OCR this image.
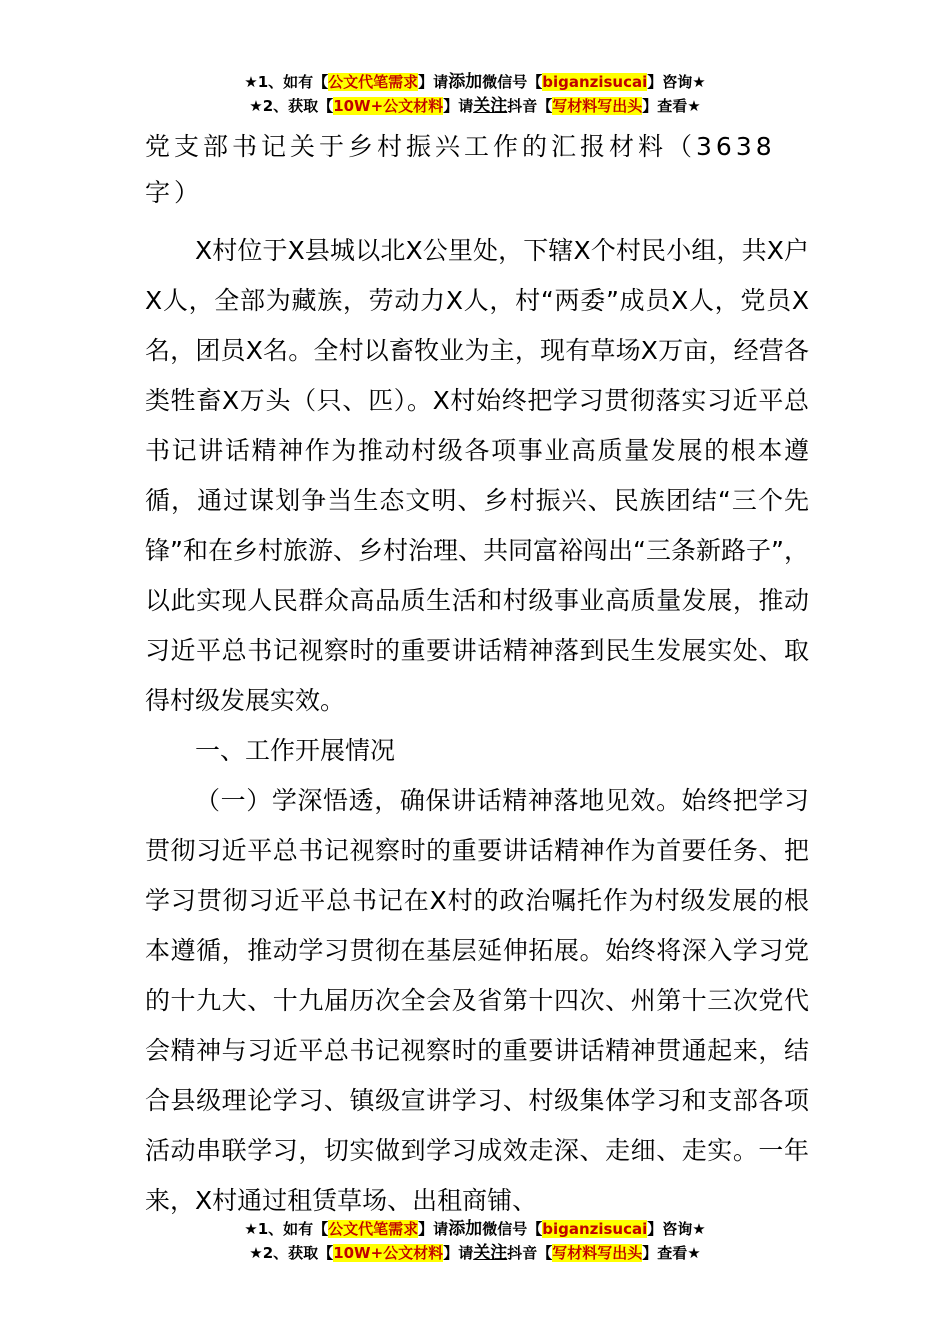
★1、如有【公文代笔需求】请添加微信号【biganzisucai】咨询★
★2、获取【10W+公文材料】请关注抖音【写材料写出头】查看★

党支部书记关于乡村振兴工作的汇报材料（3638字）

X村位于X县城以北X公里处，下辖X个村民小组，共X户X人，全部为藏族，劳动力X人，村“两委”成员X人，党员X名，团员X名。全村以畜牧业为主，现有草场X万亩，经营各类牲畜X万头（只、匹）。X村始终把学习贯彻落实习近平总书记讲话精神作为推动村级各项事业高质量发展的根本遵循，通过谋划争当生态文明、乡村振兴、民族团结“三个先锋”和在乡村旅游、乡村治理、共同富裕闯出“三条新路子”，以此实现人民群众高品质生活和村级事业高质量发展，推动习近平总书记视察时的重要讲话精神落到民生发展实处、取得村级发展实效。

一、工作开展情况

（一）学深悟透，确保讲话精神落地见效。始终把学习贯彻习近平总书记视察时的重要讲话精神作为首要任务、把学习贯彻习近平总书记在X村的政治嘱托作为村级发展的根本遵循，推动学习贯彻在基层延伸拓展。始终将深入学习党的十九大、十九届历次全会及省第十四次、州第十三次党代会精神与习近平总书记视察时的重要讲话精神贯通起来，结合县级理论学习、镇级宣讲学习、村级集体学习和支部各项活动串联学习，切实做到学习成效走深、走细、走实。一年来，X村通过租赁草场、出租商铺、

★1、如有【公文代笔需求】请添加微信号【biganzisucai】咨询★
★2、获取【10W+公文材料】请关注抖音【写材料写出头】查看★
